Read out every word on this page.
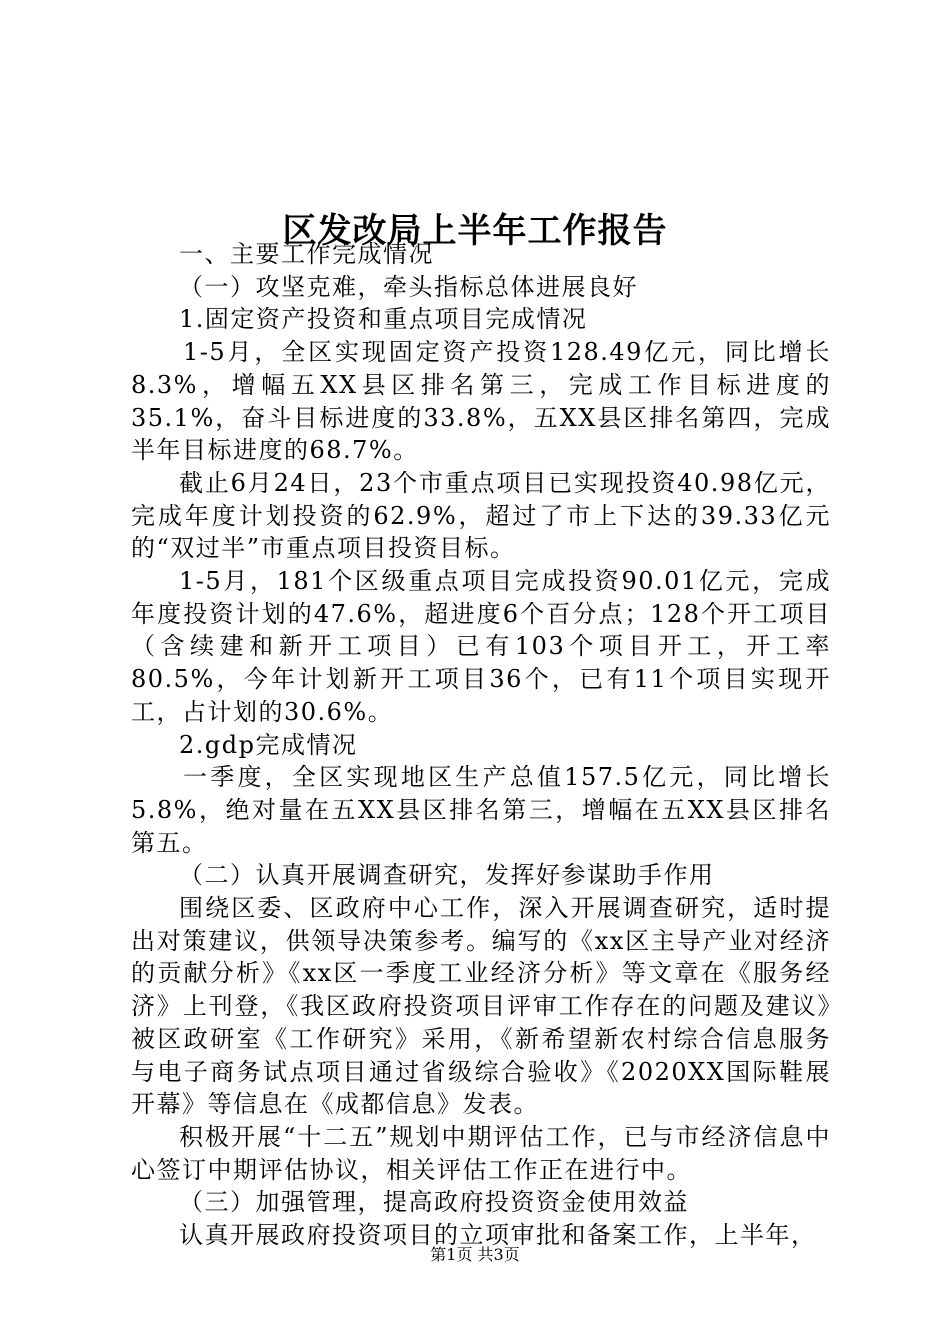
区发改局上半年工作报告

一、主要工作完成情况

（一）攻坚克难，牵头指标总体进展良好

1.固定资产投资和重点项目完成情况

1-5月，全区实现固定资产投资128.49亿元，同比增长8.3%，增幅五XX县区排名第三，完成工作目标进度的35.1%，奋斗目标进度的33.8%，五XX县区排名第四，完成半年目标进度的68.7%。

截止6月24日，23个市重点项目已实现投资40.98亿元，完成年度计划投资的62.9%，超过了市上下达的39.33亿元的“双过半”市重点项目投资目标。

1-5月，181个区级重点项目完成投资90.01亿元，完成年度投资计划的47.6%，超进度6个百分点；128个开工项目（含续建和新开工项目）已有103个项目开工，开工率80.5%，今年计划新开工项目36个，已有11个项目实现开工，占计划的30.6%。

2.gdp完成情况

一季度，全区实现地区生产总值157.5亿元，同比增长5.8%，绝对量在五XX县区排名第三，增幅在五XX县区排名第五。

（二）认真开展调查研究，发挥好参谋助手作用

围绕区委、区政府中心工作，深入开展调查研究，适时提出对策建议，供领导决策参考。编写的《xx区主导产业对经济的贡献分析》《xx区一季度工业经济分析》等文章在《服务经济》上刊登，《我区政府投资项目评审工作存在的问题及建议》被区政研室《工作研究》采用，《新希望新农村综合信息服务与电子商务试点项目通过省级综合验收》《2020XX国际鞋展开幕》等信息在《成都信息》发表。

积极开展“十二五”规划中期评估工作，已与市经济信息中心签订中期评估协议，相关评估工作正在进行中。

（三）加强管理，提高政府投资资金使用效益

认真开展政府投资项目的立项审批和备案工作，上半年，

第1页 共3页
